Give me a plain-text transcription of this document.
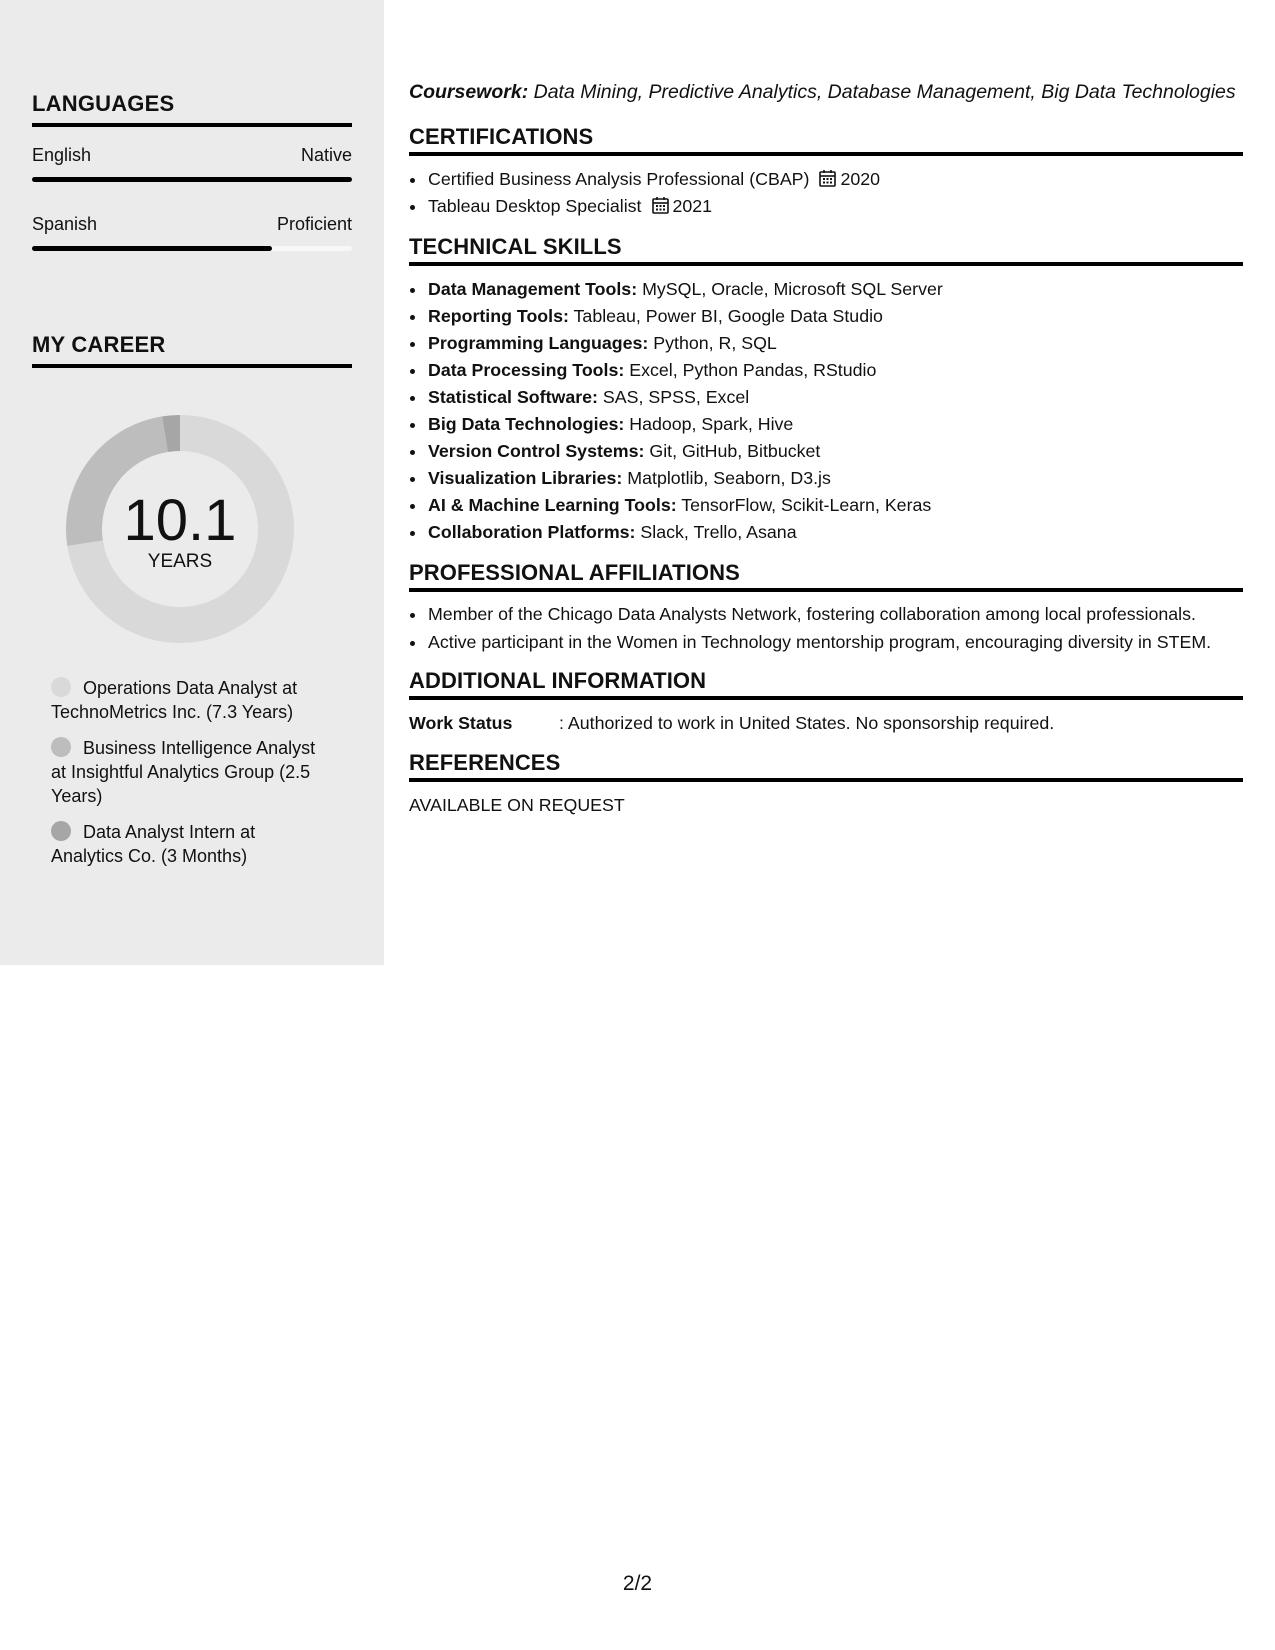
LANGUAGES
English	Native
Spanish	Proficient
MY CAREER
10.1
YEARS
Operations Data Analyst at TechnoMetrics Inc. (7.3 Years)
Business Intelligence Analyst at Insightful Analytics Group (2.5 Years)
Data Analyst Intern at Analytics Co. (3 Months)

Coursework: Data Mining, Predictive Analytics, Database Management, Big Data Technologies

CERTIFICATIONS
• Certified Business Analysis Professional (CBAP) 2020
• Tableau Desktop Specialist 2021
TECHNICAL SKILLS
• Data Management Tools: MySQL, Oracle, Microsoft SQL Server
• Reporting Tools: Tableau, Power BI, Google Data Studio
• Programming Languages: Python, R, SQL
• Data Processing Tools: Excel, Python Pandas, RStudio
• Statistical Software: SAS, SPSS, Excel
• Big Data Technologies: Hadoop, Spark, Hive
• Version Control Systems: Git, GitHub, Bitbucket
• Visualization Libraries: Matplotlib, Seaborn, D3.js
• AI & Machine Learning Tools: TensorFlow, Scikit-Learn, Keras
• Collaboration Platforms: Slack, Trello, Asana
PROFESSIONAL AFFILIATIONS
• Member of the Chicago Data Analysts Network, fostering collaboration among local professionals.
• Active participant in the Women in Technology mentorship program, encouraging diversity in STEM.
ADDITIONAL INFORMATION

Work Status	: Authorized to work in United States. No sponsorship required.

REFERENCES

AVAILABLE ON REQUEST

2/2
